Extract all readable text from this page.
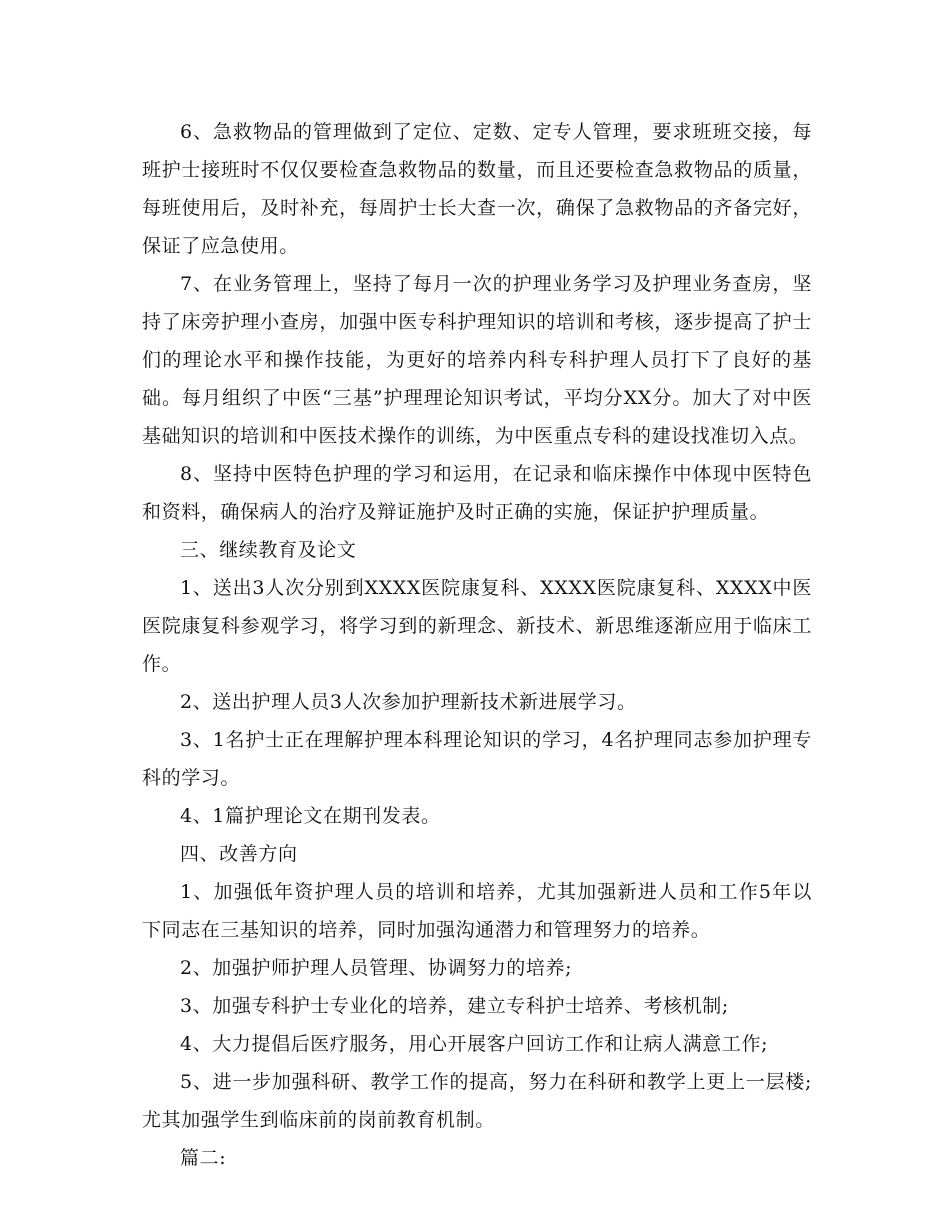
6、急救物品的管理做到了定位、定数、定专人管理，要求班班交接，每班护士接班时不仅仅要检查急救物品的数量，而且还要检查急救物品的质量，每班使用后，及时补充，每周护士长大查一次，确保了急救物品的齐备完好，保证了应急使用。

7、在业务管理上，坚持了每月一次的护理业务学习及护理业务查房，坚持了床旁护理小查房，加强中医专科护理知识的培训和考核，逐步提高了护士们的理论水平和操作技能，为更好的培养内科专科护理人员打下了良好的基础。每月组织了中医“三基”护理理论知识考试，平均分XX分。加大了对中医基础知识的培训和中医技术操作的训练，为中医重点专科的建设找准切入点。

8、坚持中医特色护理的学习和运用，在记录和临床操作中体现中医特色和资料，确保病人的治疗及辩证施护及时正确的实施，保证护护理质量。

三、继续教育及论文

1、送出3人次分别到XXXX医院康复科、XXXX医院康复科、XXXX中医医院康复科参观学习，将学习到的新理念、新技术、新思维逐渐应用于临床工作。

2、送出护理人员3人次参加护理新技术新进展学习。

3、1名护士正在理解护理本科理论知识的学习，4名护理同志参加护理专科的学习。

4、1篇护理论文在期刊发表。

四、改善方向

1、加强低年资护理人员的培训和培养，尤其加强新进人员和工作5年以下同志在三基知识的培养，同时加强沟通潜力和管理努力的培养。

2、加强护师护理人员管理、协调努力的培养;

3、加强专科护士专业化的培养，建立专科护士培养、考核机制;

4、大力提倡后医疗服务，用心开展客户回访工作和让病人满意工作;

5、进一步加强科研、教学工作的提高，努力在科研和教学上更上一层楼;尤其加强学生到临床前的岗前教育机制。

篇二:
